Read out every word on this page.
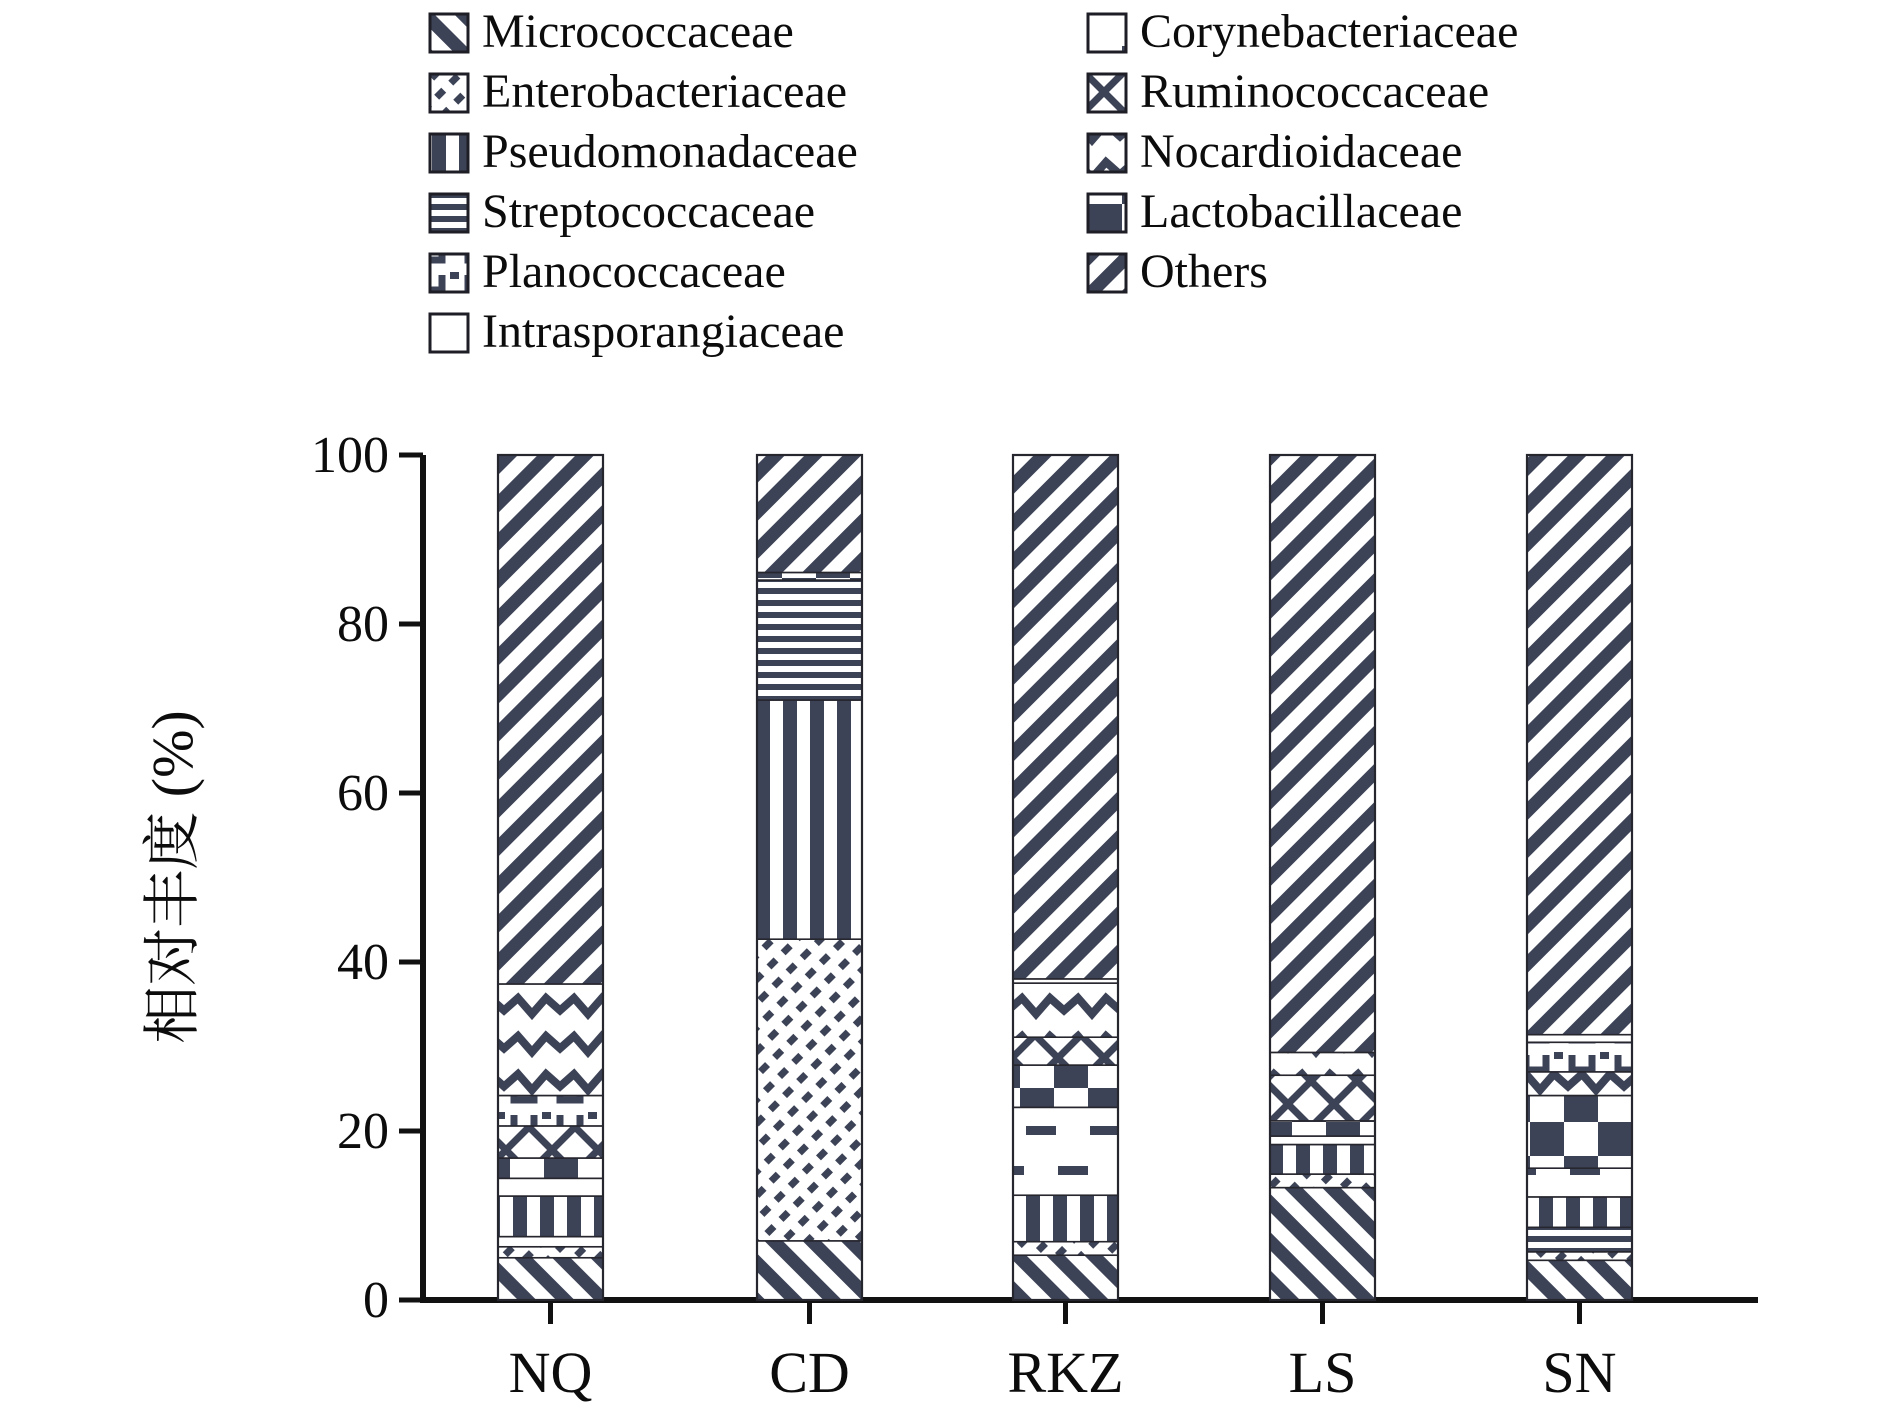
Micrococcaceae	Corynebacteriaceae
Enterobacteriaceae	Ruminococcaceae
Pseudomonadaceae	Nocardioidaceae
Streptococcaceae	Lactobacillaceae
Planococcaceae	Others
Intrasporangiaceae
0
20
40
60
80
100
相对丰度 (%)
NQ	CD	RKZ	LS	SN
